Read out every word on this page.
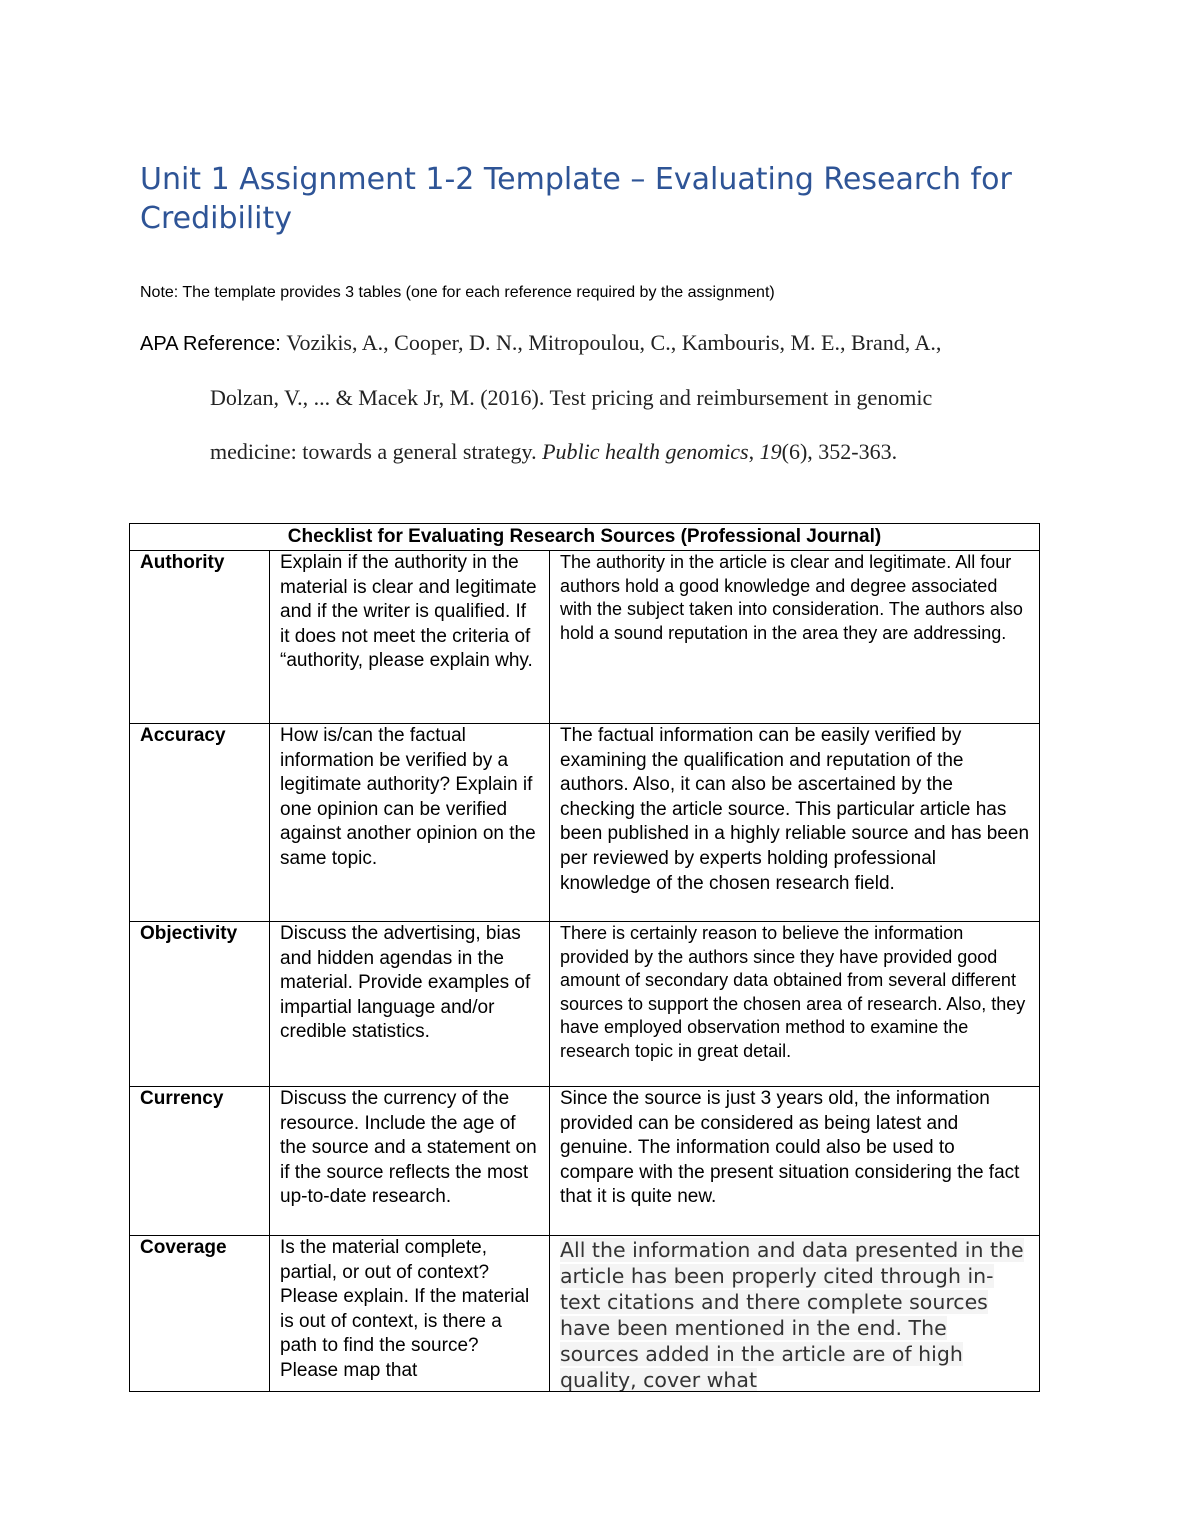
Unit 1 Assignment 1-2 Template – Evaluating Research for Credibility
Note: The template provides 3 tables (one for each reference required by the assignment)
APA Reference: Vozikis, A., Cooper, D. N., Mitropoulou, C., Kambouris, M. E., Brand, A.,
Dolzan, V., ... & Macek Jr, M. (2016). Test pricing and reimbursement in genomic
medicine: towards a general strategy. Public health genomics, 19(6), 352-363.
Checklist for Evaluating Research Sources (Professional Journal)		
Authority	Explain if the authority in the material is clear and legitimate and if the writer is qualified. If it does not meet the criteria of “authority, please explain why.	The authority in the article is clear and legitimate. All four authors hold a good knowledge and degree associated with the subject taken into consideration. The authors also hold a sound reputation in the area they are addressing.
Accuracy	How is/can the factual information be verified by a legitimate authority? Explain if one opinion can be verified against another opinion on the same topic.	The factual information can be easily verified by examining the qualification and reputation of the authors. Also, it can also be ascertained by the checking the article source. This particular article has been published in a highly reliable source and has been per reviewed by experts holding professional knowledge of the chosen research field.
Objectivity	Discuss the advertising, bias and hidden agendas in the material. Provide examples of impartial language and/or credible statistics.	There is certainly reason to believe the information provided by the authors since they have provided good amount of secondary data obtained from several different sources to support the chosen area of research. Also, they have employed observation method to examine the research topic in great detail.
Currency	Discuss the currency of the resource. Include the age of the source and a statement on if the source reflects the most up-to-date research.	Since the source is just 3 years old, the information provided can be considered as being latest and genuine. The information could also be used to compare with the present situation considering the fact that it is quite new.

Coverage	Is the material complete, partial, or out of context? Please explain. If the material is out of context, is there a path to find the source? Please map that	All the information and data presented in the article has been properly cited through in-text citations and there complete sources have been mentioned in the end. The sources added in the article are of high quality, cover what
